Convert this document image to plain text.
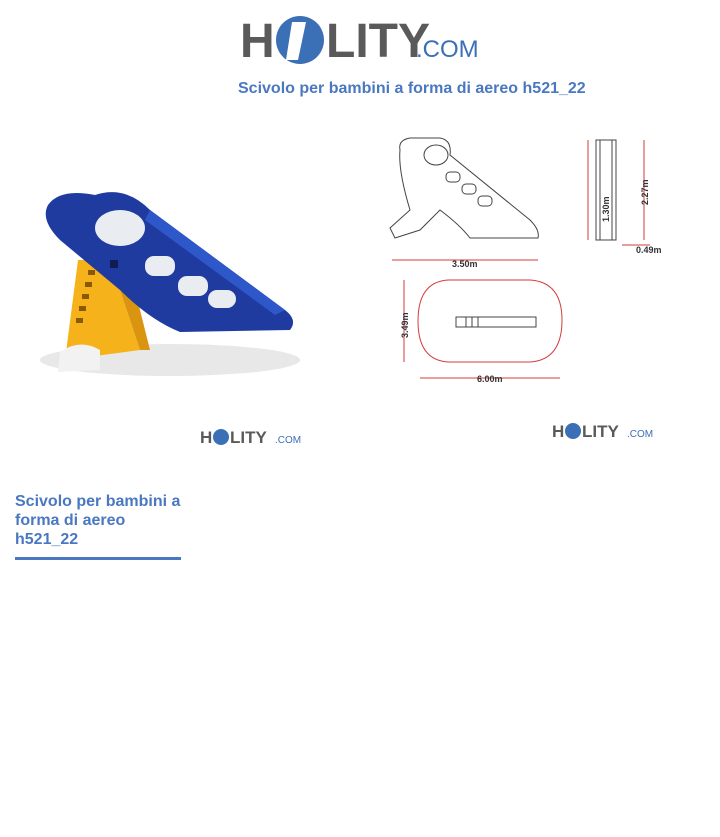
H LITY
.COM
Scivolo per bambini a forma di aereo h521_22
H LITY .COM
3.50m
2.27m
1.30m
0.49m
3.49m
6.00m
H LITY .COM
Scivolo per bambini a forma di aereo h521_22
